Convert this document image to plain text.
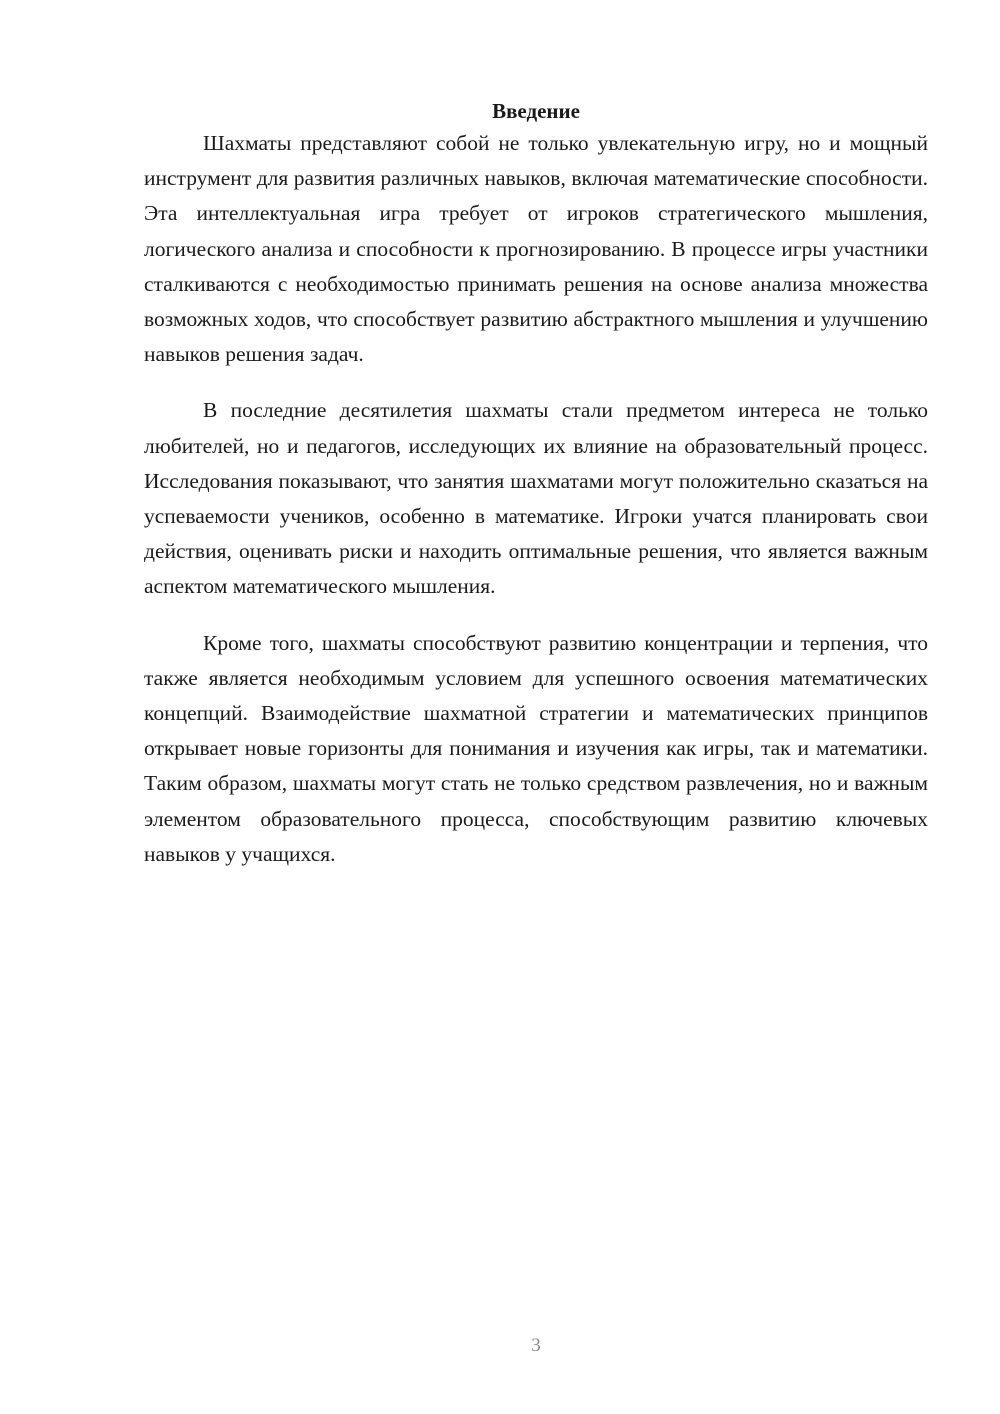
Введение

Шахматы представляют собой не только увлекательную игру, но и мощный инструмент для развития различных навыков, включая математические способности. Эта интеллектуальная игра требует от игроков стратегического мышления, логического анализа и способности к прогнозированию. В процессе игры участники сталкиваются с необходимостью принимать решения на основе анализа множества возможных ходов, что способствует развитию абстрактного мышления и улучшению навыков решения задач.

В последние десятилетия шахматы стали предметом интереса не только любителей, но и педагогов, исследующих их влияние на образовательный процесс. Исследования показывают, что занятия шахматами могут положительно сказаться на успеваемости учеников, особенно в математике. Игроки учатся планировать свои действия, оценивать риски и находить оптимальные решения, что является важным аспектом математического мышления.

Кроме того, шахматы способствуют развитию концентрации и терпения, что также является необходимым условием для успешного освоения математических концепций. Взаимодействие шахматной стратегии и математических принципов открывает новые горизонты для понимания и изучения как игры, так и математики. Таким образом, шахматы могут стать не только средством развлечения, но и важным элементом образовательного процесса, способствующим развитию ключевых навыков у учащихся.

3
